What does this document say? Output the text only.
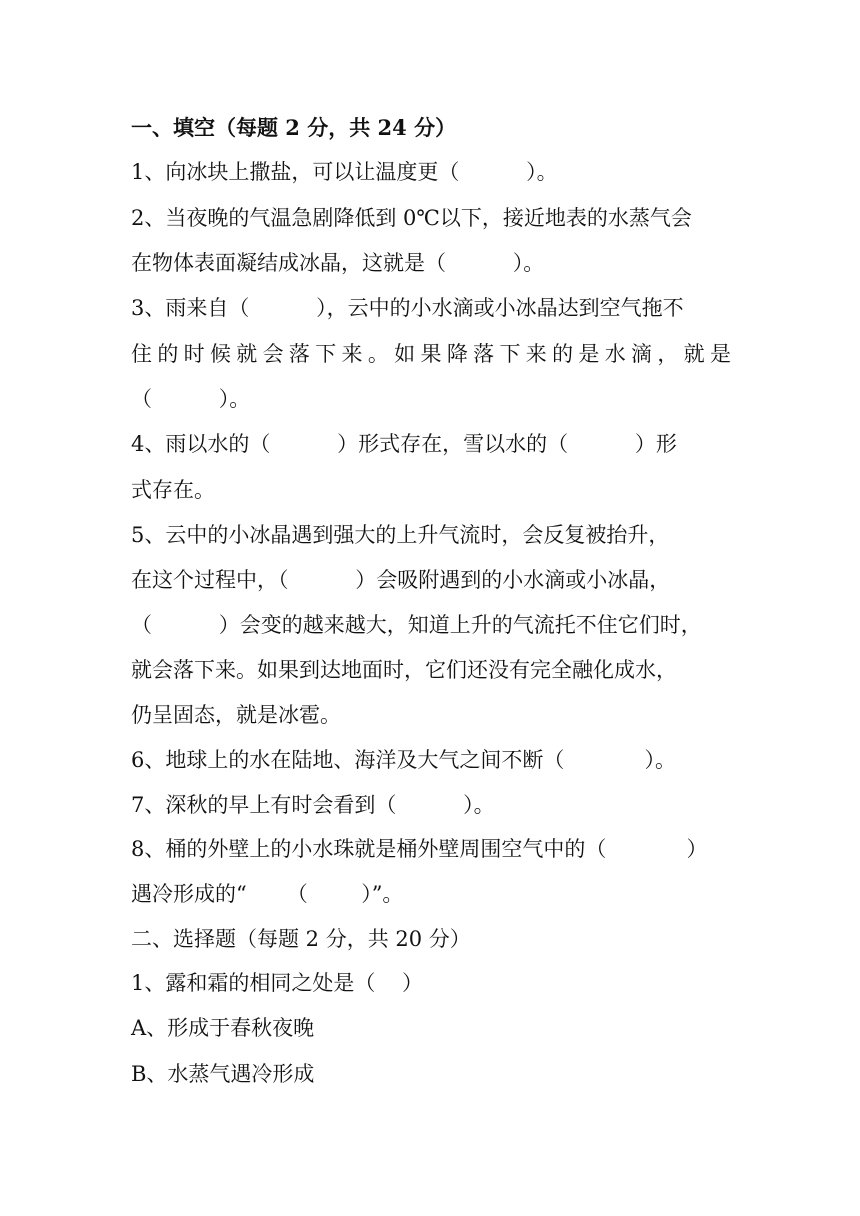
一、填空（每题 2 分，共 24 分）
1、向冰块上撒盐，可以让温度更（          ）。
2、当夜晚的气温急剧降低到 0℃以下，接近地表的水蒸气会
在物体表面凝结成冰晶，这就是（          ）。
3、雨来自（          ），云中的小水滴或小冰晶达到空气拖不
住的时候就会落下来。如果降落下来的是水滴，就是
（          ）。
4、雨以水的（          ）形式存在，雪以水的（          ）形
式存在。
5、云中的小冰晶遇到强大的上升气流时，会反复被抬升，
在这个过程中，（          ）会吸附遇到的小水滴或小冰晶，
（          ）会变的越来越大，知道上升的气流托不住它们时，
就会落下来。如果到达地面时，它们还没有完全融化成水，
仍呈固态，就是冰雹。
6、地球上的水在陆地、海洋及大气之间不断（            ）。
7、深秋的早上有时会看到（          ）。
8、桶的外壁上的小水珠就是桶外壁周围空气中的（            ）
遇冷形成的“      （        ）”。
二、选择题（每题 2 分，共 20 分）
1、露和霜的相同之处是（    ）
A、形成于春秋夜晚
B、水蒸气遇冷形成
